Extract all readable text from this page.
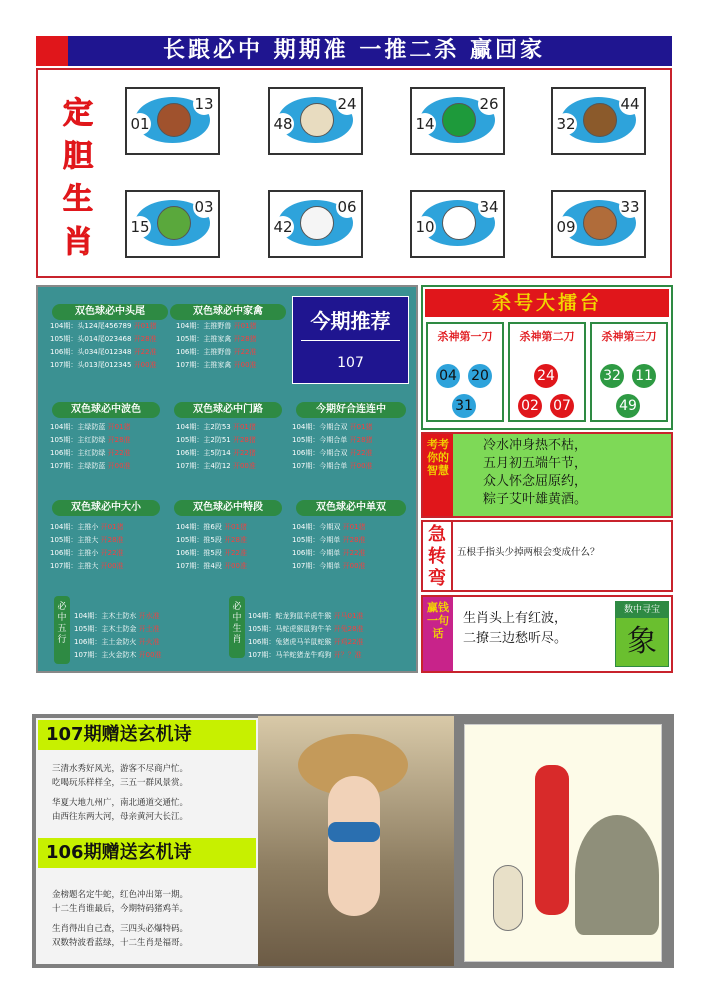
长跟必中 期期准 一推二杀 赢回家
定
胆
生
肖
01
13
48
24
14
26
32
44
15
03
42
06
10
34
09
33
双色球必中头尾
104期：头124尾456789 开01猪
105期：头014尾023468 开28准
106期：头034尾012348 开22准
107期：头013尾012345 开00准
双色球必中家禽
104期：主推野兽 开01猪
105期：主推家禽 开28猪
106期：主推野兽 开22准
107期：主推家禽 开00准
双色球必中波色
104期：主绿防蓝 开01猪
105期：主红防绿 开28准
106期：主红防绿 开22准
107期：主绿防蓝 开00准
双色球必中门路
104期：主2防53 开01猪
105期：主2防51 开28猪
106期：主5防14 开22猪
107期：主4防12 开00准
今期好合连连中
104期：今期合双 开01猪
105期：今期合单 开28猪
106期：今期合双 开22准
107期：今期合单 开00准
双色球必中大小
104期：主推小 开01猪
105期：主推大 开28准
106期：主推小 开22准
107期：主推大 开00准
双色球必中特段
104期：推6段 开01猪
105期：推5段 开28准
106期：推5段 开22准
107期：推4段 开00准
双色球必中单双
104期：今期双 开01猪
105期：今期单 开28准
106期：今期单 开22准
107期：今期单 开00准
104期：主木土防水 开水准
105期：主木土防金 开土准
106期：主土金防火 开火准
107期：主火金防木 开00准
104期：蛇龙狗鼠羊虎牛猴 开马01准
105期：马蛇虎猴鼠狗牛羊 开兔28准
106期：兔猪虎马羊鼠蛇猴 开鸡22准
107期：马羊蛇猪龙牛鸡狗 开？？准
今期推荐
107
必中五行
必中生肖
杀号大擂台
杀神第一刀
04 20
31
杀神第二刀
24
02 07
杀神第三刀
32 11
49
考考你的智慧
冷水冲身热不枯，
五月初五端午节，
众人怀念屈原约，
粽子艾叶雄黄酒。
急转弯
五根手指头少掉两根会变成什么？
赢钱一句话
生肖头上有红波，
二撩三边愁听尽。
数中寻宝
象
107期赠送玄机诗
三清水秀好风光，游客不尽商户忙。
吃喝玩乐样样全，三五一群风景赏。
华夏大地九州广，南北通道交通忙。
由西往东两大河，母亲黄河大长江。
106期赠送玄机诗
金榜题名定牛蛇，红色冲出第一期。
十二生肖谁最后，今期特码猪鸡羊。
生肖得出自己查，三四头必爆特码。
双数特波看蓝绿，十二生肖是福哥。
